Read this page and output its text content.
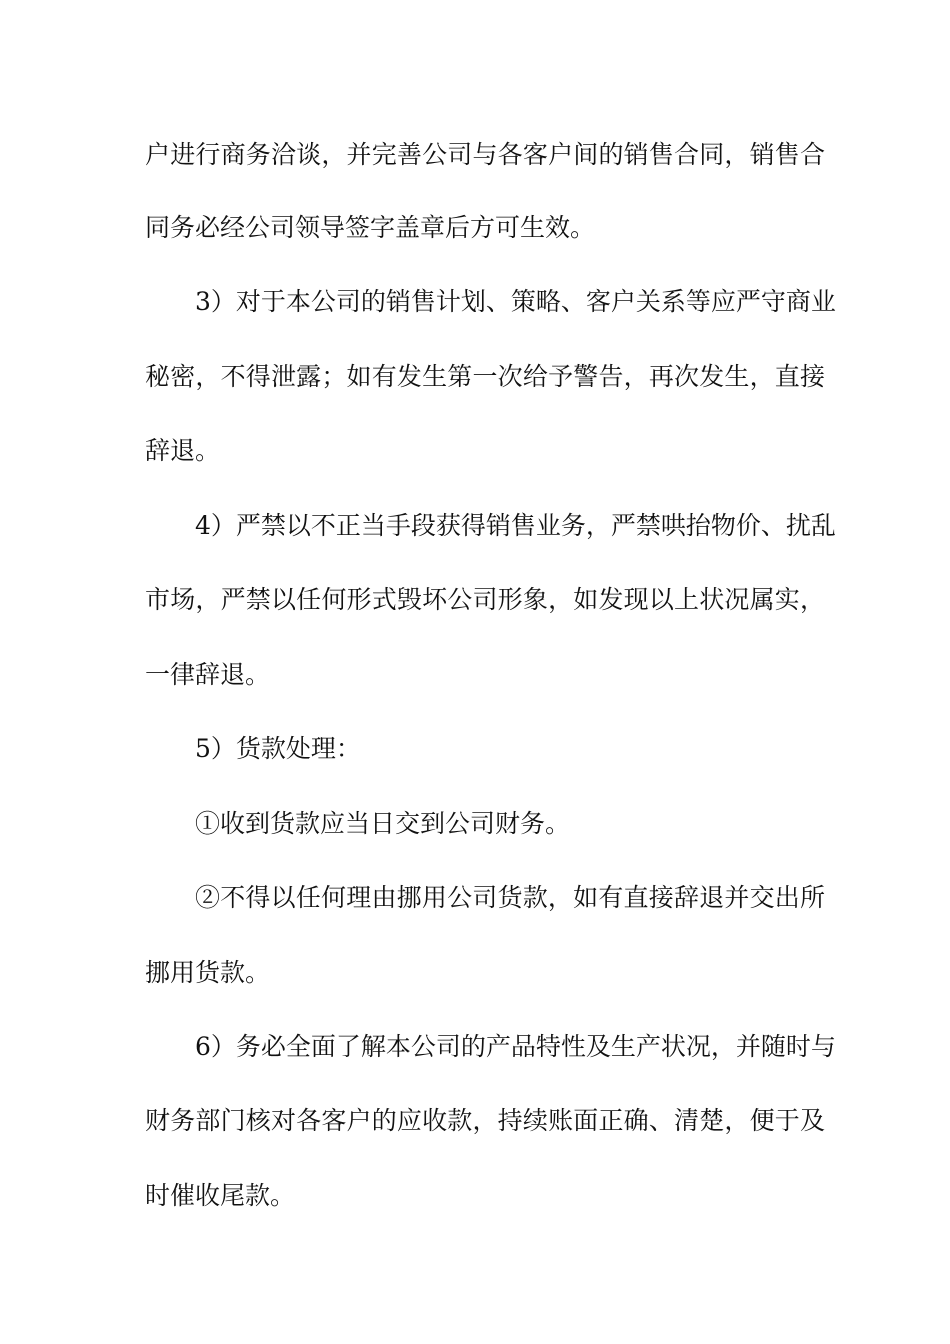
户进行商务洽谈，并完善公司与各客户间的销售合同，销售合
同务必经公司领导签字盖章后方可生效。
3）对于本公司的销售计划、策略、客户关系等应严守商业
秘密，不得泄露；如有发生第一次给予警告，再次发生，直接
辞退。
4）严禁以不正当手段获得销售业务，严禁哄抬物价、扰乱
市场，严禁以任何形式毁坏公司形象，如发现以上状况属实，
一律辞退。
5）货款处理：
①收到货款应当日交到公司财务。
②不得以任何理由挪用公司货款，如有直接辞退并交出所
挪用货款。
6）务必全面了解本公司的产品特性及生产状况，并随时与
财务部门核对各客户的应收款，持续账面正确、清楚，便于及
时催收尾款。
